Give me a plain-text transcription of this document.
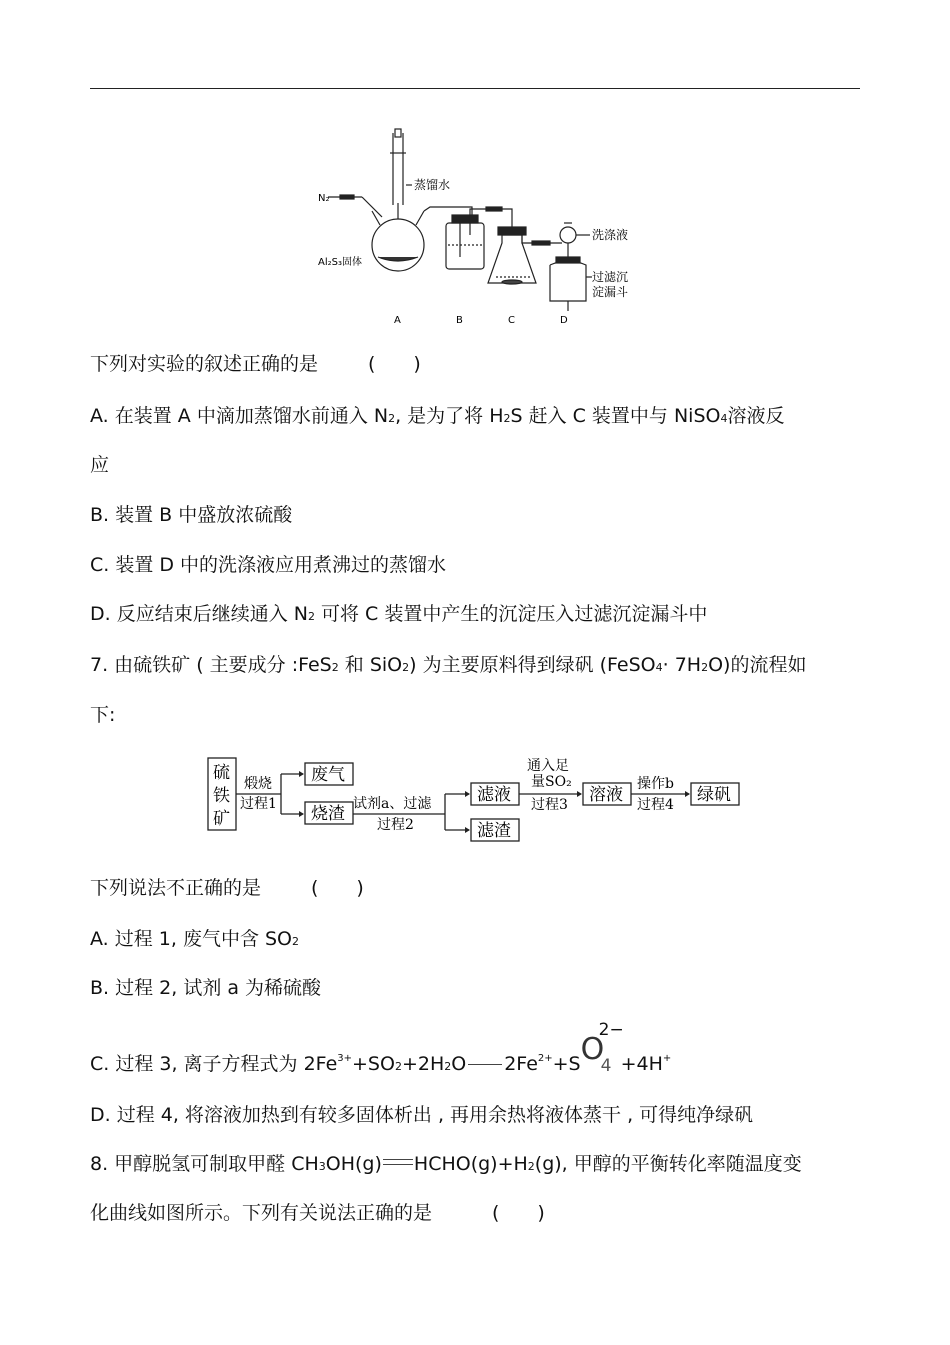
N₂
蒸馏水
Al₂S₃固体
洗涤液
过滤沉
淀漏斗
A	B	C	D
下列对实验的叙述正确的是	(　　)
A. 在装置 A 中滴加蒸馏水前通入 N2, 是为了将 H2S 赶入 C 装置中与 NiSO4溶液反
应
B. 装置 B 中盛放浓硫酸
C. 装置 D 中的洗涤液应用煮沸过的蒸馏水
D. 反应结束后继续通入 N2 可将 C 装置中产生的沉淀压入过滤沉淀漏斗中
7. 由硫铁矿 ( 主要成分 :FeS2 和 SiO2) 为主要原料得到绿矾 (FeSO4· 7H2O)的流程如
下:
硫
铁
矿
煅烧
过程1
废气
烧渣 试剂a、过滤
过程2
滤液
滤渣
通入足
量SO₂
过程3 溶液
操作b
过程4 绿矾
下列说法不正确的是	(　　)
A. 过程 1, 废气中含 SO2
B. 过程 2, 试剂 a 为稀硫酸
C. 过程 3, 离子方程式为 $2Fe^{3+}+SO2+2H2O$ $2Fe^{2+}+S$ O
2−
4 +4H+
D. 过程 4, 将溶液加热到有较多固体析出 , 再用余热将液体蒸干 , 可得纯净绿矾
8. 甲醇脱氢可制取甲醛 CH3OH(g) HCHO(g)+H2(g), 甲醇的平衡转化率随温度变
化曲线如图所示。下列有关说法正确的是	(　　)
